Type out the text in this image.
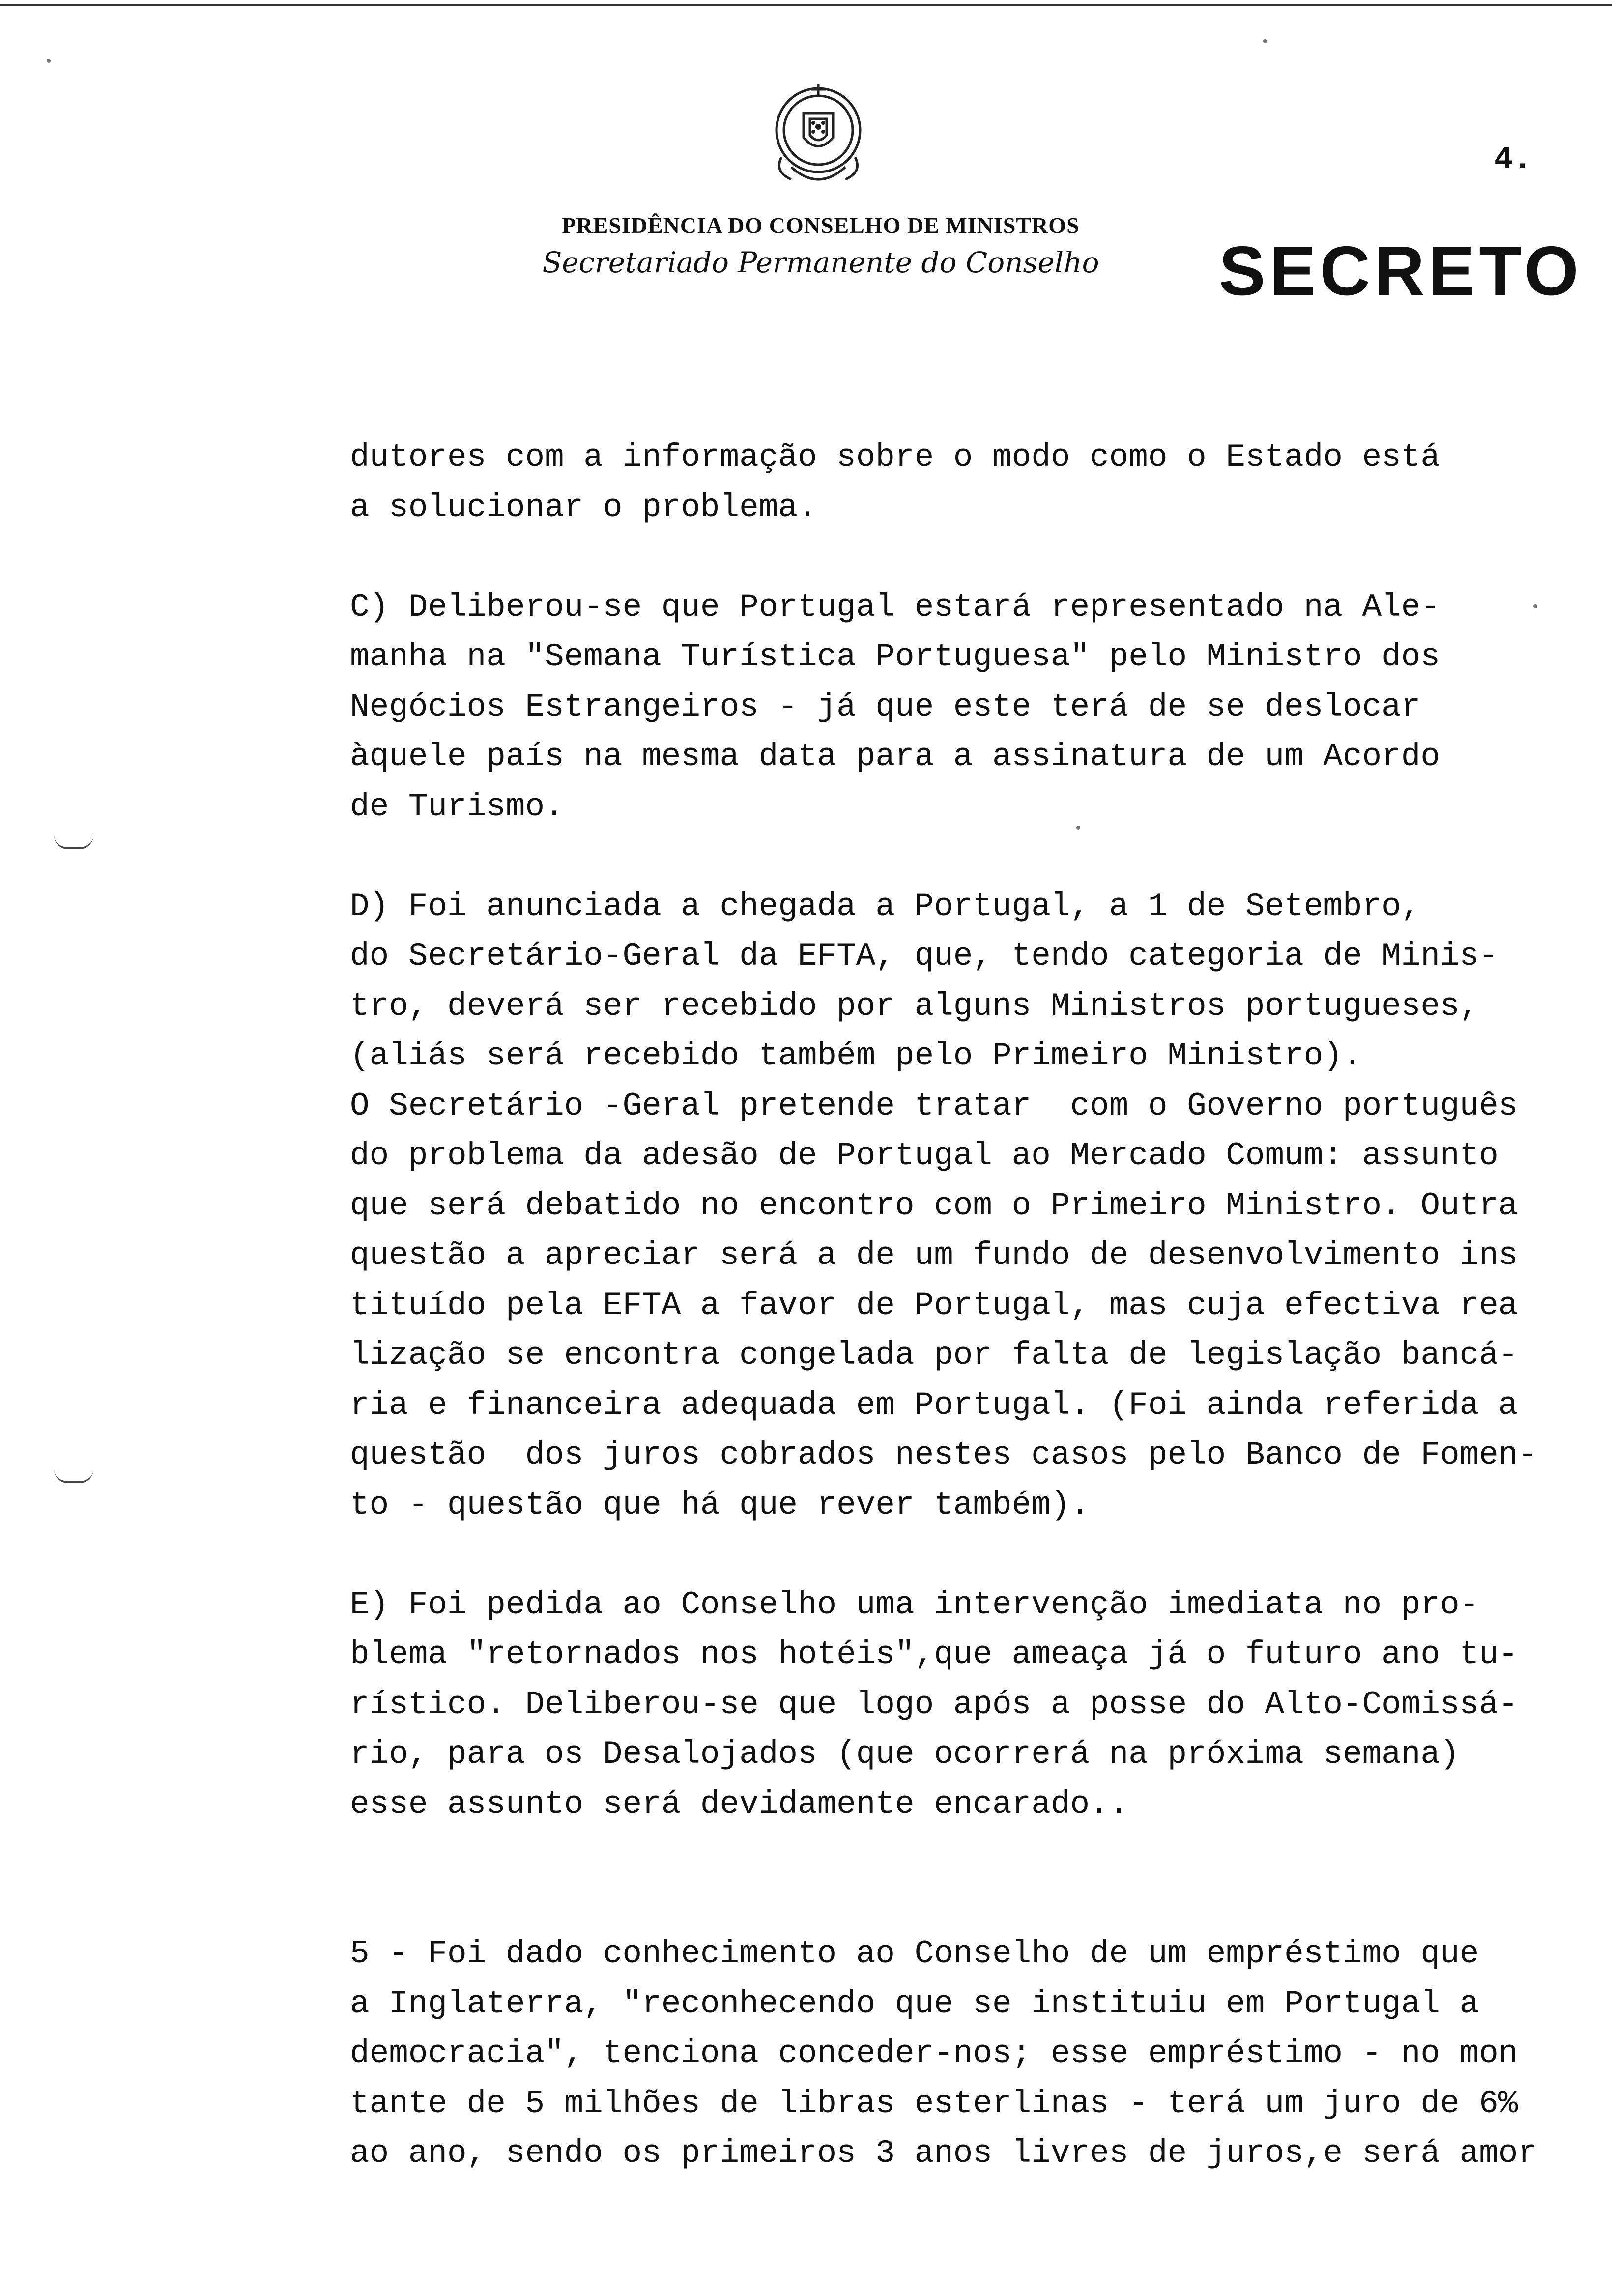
4.
PRESIDÊNCIA DO CONSELHO DE MINISTROS
Secretariado Permanente do Conselho	SECRETO
dutores com a informação sobre o modo como o Estado está
a solucionar o problema.
C) Deliberou-se que Portugal estará representado na Ale-
manha na "Semana Turística Portuguesa" pelo Ministro dos
Negócios Estrangeiros - já que este terá de se deslocar
àquele país na mesma data para a assinatura de um Acordo
de Turismo.
D) Foi anunciada a chegada a Portugal, a 1 de Setembro,
do Secretário-Geral da EFTA, que, tendo categoria de Minis-
tro, deverá ser recebido por alguns Ministros portugueses,
(aliás será recebido também pelo Primeiro Ministro).
O Secretário -Geral pretende tratar  com o Governo português
do problema da adesão de Portugal ao Mercado Comum: assunto
que será debatido no encontro com o Primeiro Ministro. Outra
questão a apreciar será a de um fundo de desenvolvimento ins
tituído pela EFTA a favor de Portugal, mas cuja efectiva rea
lização se encontra congelada por falta de legislação bancá-
ria e financeira adequada em Portugal. (Foi ainda referida a
questão  dos juros cobrados nestes casos pelo Banco de Fomen-
to - questão que há que rever também).
E) Foi pedida ao Conselho uma intervenção imediata no pro-
blema "retornados nos hotéis",que ameaça já o futuro ano tu-
rístico. Deliberou-se que logo após a posse do Alto-Comissá-
rio, para os Desalojados (que ocorrerá na próxima semana)
esse assunto será devidamente encarado..
5 - Foi dado conhecimento ao Conselho de um empréstimo que
a Inglaterra, "reconhecendo que se instituiu em Portugal a
democracia", tenciona conceder-nos; esse empréstimo - no mon
tante de 5 milhões de libras esterlinas - terá um juro de 6%
ao ano, sendo os primeiros 3 anos livres de juros,e será amor
